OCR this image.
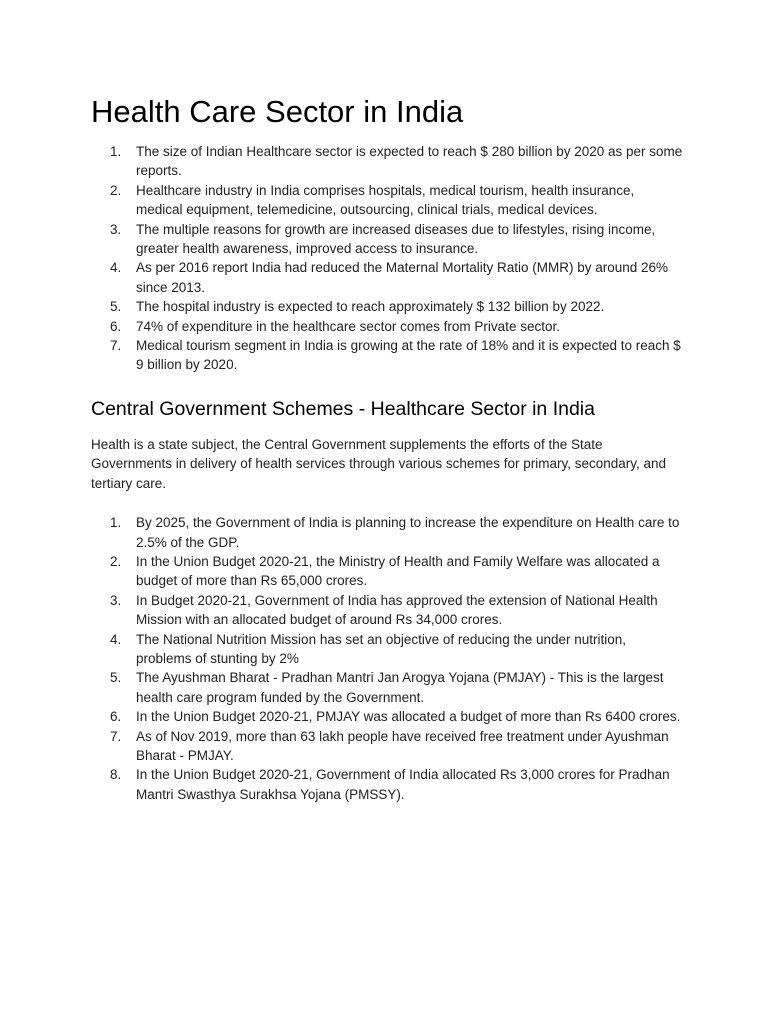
Health Care Sector in India
1. The size of Indian Healthcare sector is expected to reach $ 280 billion by 2020 as per some reports.
2. Healthcare industry in India comprises hospitals, medical tourism, health insurance, medical equipment, telemedicine, outsourcing, clinical trials, medical devices.
3. The multiple reasons for growth are increased diseases due to lifestyles, rising income, greater health awareness, improved access to insurance.
4. As per 2016 report India had reduced the Maternal Mortality Ratio (MMR) by around 26% since 2013.
5. The hospital industry is expected to reach approximately $ 132 billion by 2022.
6. 74% of expenditure in the healthcare sector comes from Private sector.
7. Medical tourism segment in India is growing at the rate of 18% and it is expected to reach $ 9 billion by 2020.
Central Government Schemes - Healthcare Sector in India

Health is a state subject, the Central Government supplements the efforts of the State Governments in delivery of health services through various schemes for primary, secondary, and tertiary care.

1. By 2025, the Government of India is planning to increase the expenditure on Health care to 2.5% of the GDP.
2. In the Union Budget 2020-21, the Ministry of Health and Family Welfare was allocated a budget of more than Rs 65,000 crores.
3. In Budget 2020-21, Government of India has approved the extension of National Health Mission with an allocated budget of around Rs 34,000 crores.
4. The National Nutrition Mission has set an objective of reducing the under nutrition, problems of stunting by 2%
5. The Ayushman Bharat - Pradhan Mantri Jan Arogya Yojana (PMJAY) - This is the largest health care program funded by the Government.
6. In the Union Budget 2020-21, PMJAY was allocated a budget of more than Rs 6400 crores.
7. As of Nov 2019, more than 63 lakh people have received free treatment under Ayushman Bharat - PMJAY.
8. In the Union Budget 2020-21, Government of India allocated Rs 3,000 crores for Pradhan Mantri Swasthya Surakhsa Yojana (PMSSY).
